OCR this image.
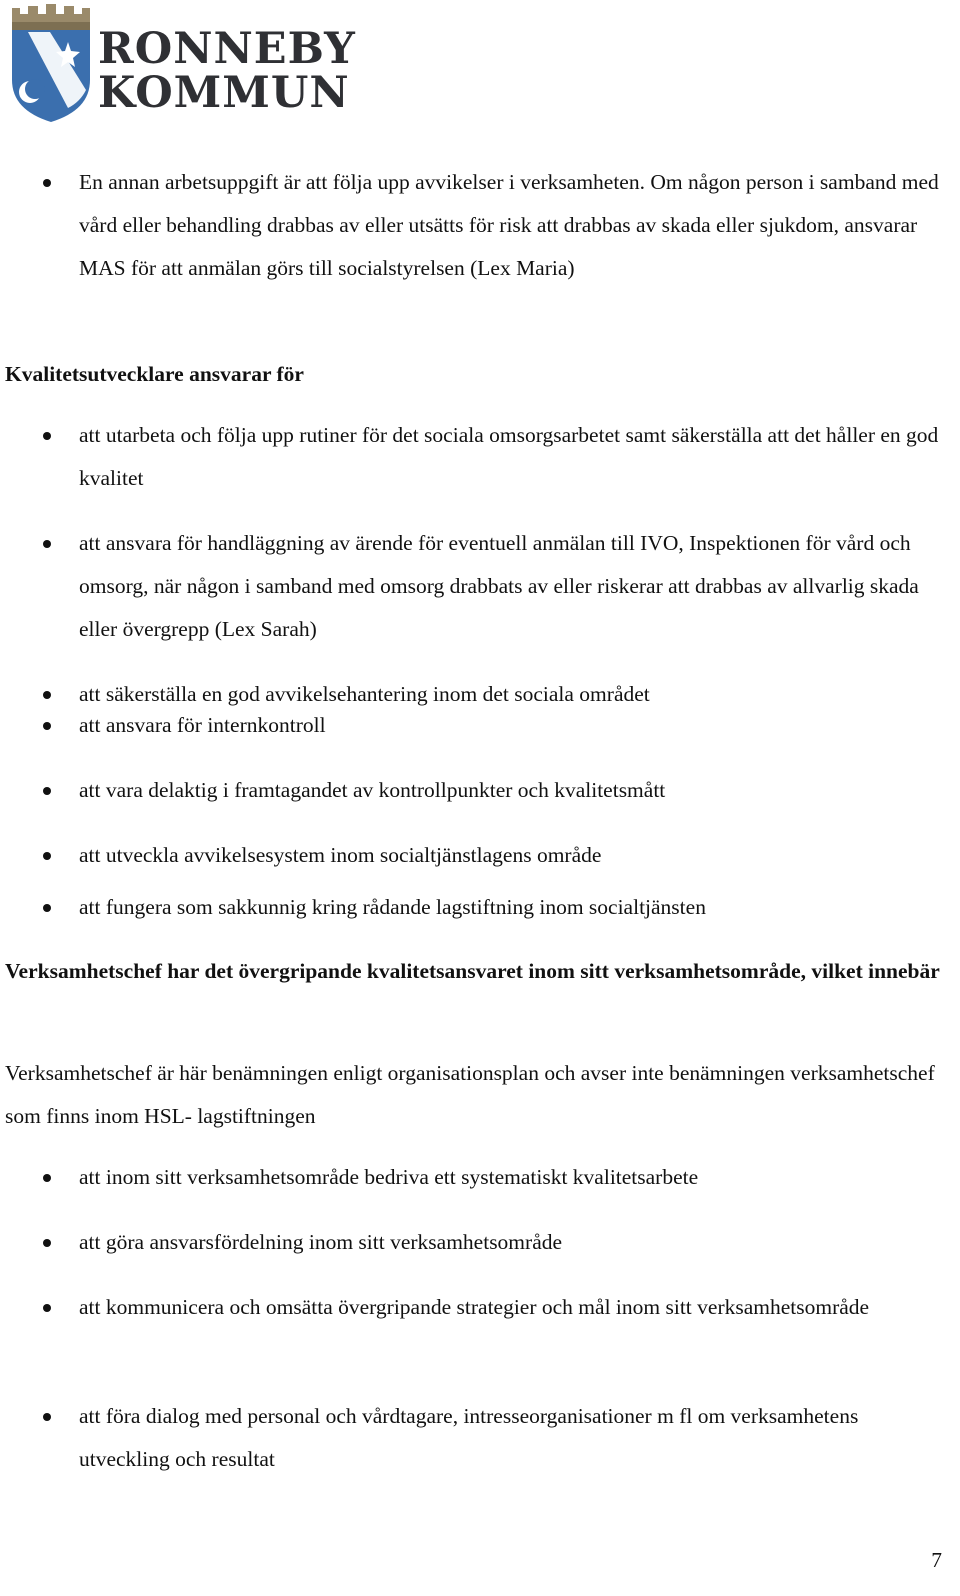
RONNEBY
KOMMUN
En annan arbetsuppgift är att följa upp avvikelser i verksamheten. Om någon person i samband med vård eller behandling drabbas av eller utsätts för risk att drabbas av skada eller sjukdom, ansvarar MAS för att anmälan görs till socialstyrelsen (Lex Maria)
Kvalitetsutvecklare ansvarar för
att utarbeta och följa upp rutiner för det sociala omsorgsarbetet samt säkerställa att det håller en god kvalitet
att ansvara för handläggning av ärende för eventuell anmälan till IVO, Inspektionen för vård och omsorg, när någon i samband med omsorg drabbats av eller riskerar att drabbas av allvarlig skada eller övergrepp (Lex Sarah)
att säkerställa en god avvikelsehantering inom det sociala området
att ansvara för internkontroll
att vara delaktig i framtagandet av kontrollpunkter och kvalitetsmått
att utveckla avvikelsesystem inom socialtjänstlagens område
att fungera som sakkunnig kring rådande lagstiftning inom socialtjänsten
Verksamhetschef har det övergripande kvalitetsansvaret inom sitt verksamhetsområde, vilket innebär
Verksamhetschef är här benämningen enligt organisationsplan och avser inte benämningen verksamhetschef som finns inom HSL- lagstiftningen
att inom sitt verksamhetsområde bedriva ett systematiskt kvalitetsarbete
att göra ansvarsfördelning inom sitt verksamhetsområde
att kommunicera och omsätta övergripande strategier och mål inom sitt verksamhetsområde
att föra dialog med personal och vårdtagare, intresseorganisationer m fl om verksamhetens utveckling och resultat
7
